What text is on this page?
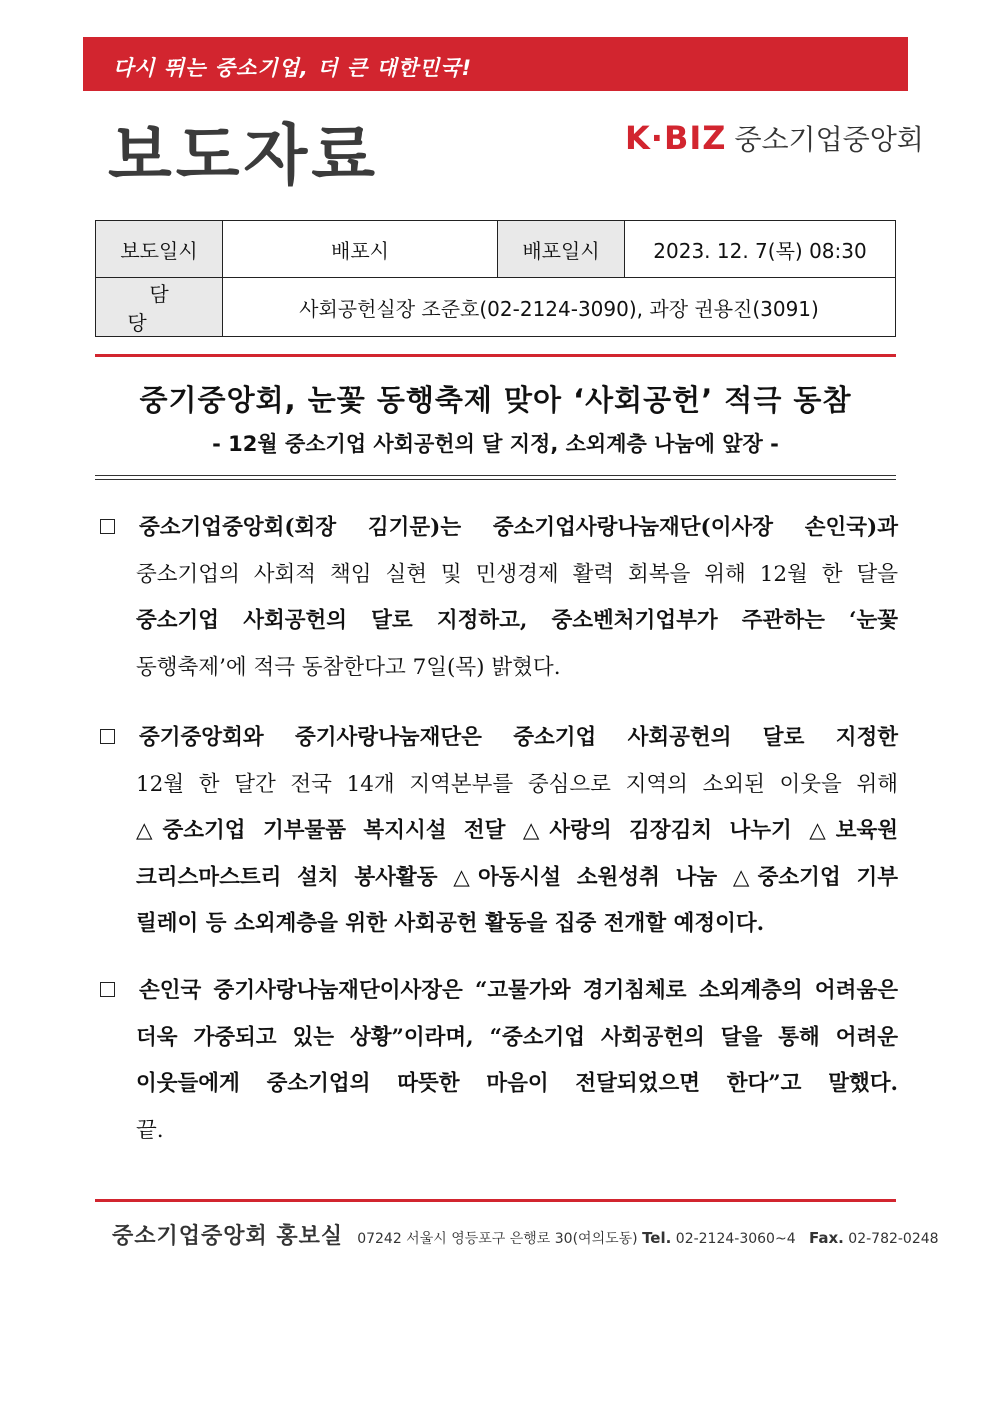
다시 뛰는 중소기업, 더 큰 대한민국!
보도자료	K·BIZ 중소기업중앙회
보도일시	배포시	배포일시	2023. 12. 7(목) 08:30
담당	사회공헌실장 조준호(02-2124-3090), 과장 권용진(3091)		
중기중앙회, 눈꽃 동행축제 맞아 ‘사회공헌’ 적극 동참
- 12월 중소기업 사회공헌의 달 지정, 소외계층 나눔에 앞장 -
중소기업중앙회(회장 김기문)는 중소기업사랑나눔재단(이사장 손인국)과
중소기업의 사회적 책임 실현 및 민생경제 활력 회복을 위해 12월 한 달을
중소기업 사회공헌의 달로 지정하고, 중소벤처기업부가 주관하는 ‘눈꽃
동행축제’에 적극 동참한다고 7일(목) 밝혔다.
중기중앙회와 중기사랑나눔재단은 중소기업 사회공헌의 달로 지정한
12월 한 달간 전국 14개 지역본부를 중심으로 지역의 소외된 이웃을 위해
△중소기업 기부물품 복지시설 전달 △사랑의 김장김치 나누기 △보육원
크리스마스트리 설치 봉사활동 △아동시설 소원성취 나눔 △중소기업 기부
릴레이 등 소외계층을 위한 사회공헌 활동을 집중 전개할 예정이다.
손인국 중기사랑나눔재단이사장은 “고물가와 경기침체로 소외계층의 어려움은
더욱 가중되고 있는 상황”이라며, “중소기업 사회공헌의 달을 통해 어려운
이웃들에게 중소기업의 따뜻한 마음이 전달되었으면 한다”고 말했다.
끝.
중소기업중앙회 홍보실 07242 서울시 영등포구 은행로 30(여의도동) Tel. 02-2124-3060~4 Fax. 02-782-0248
